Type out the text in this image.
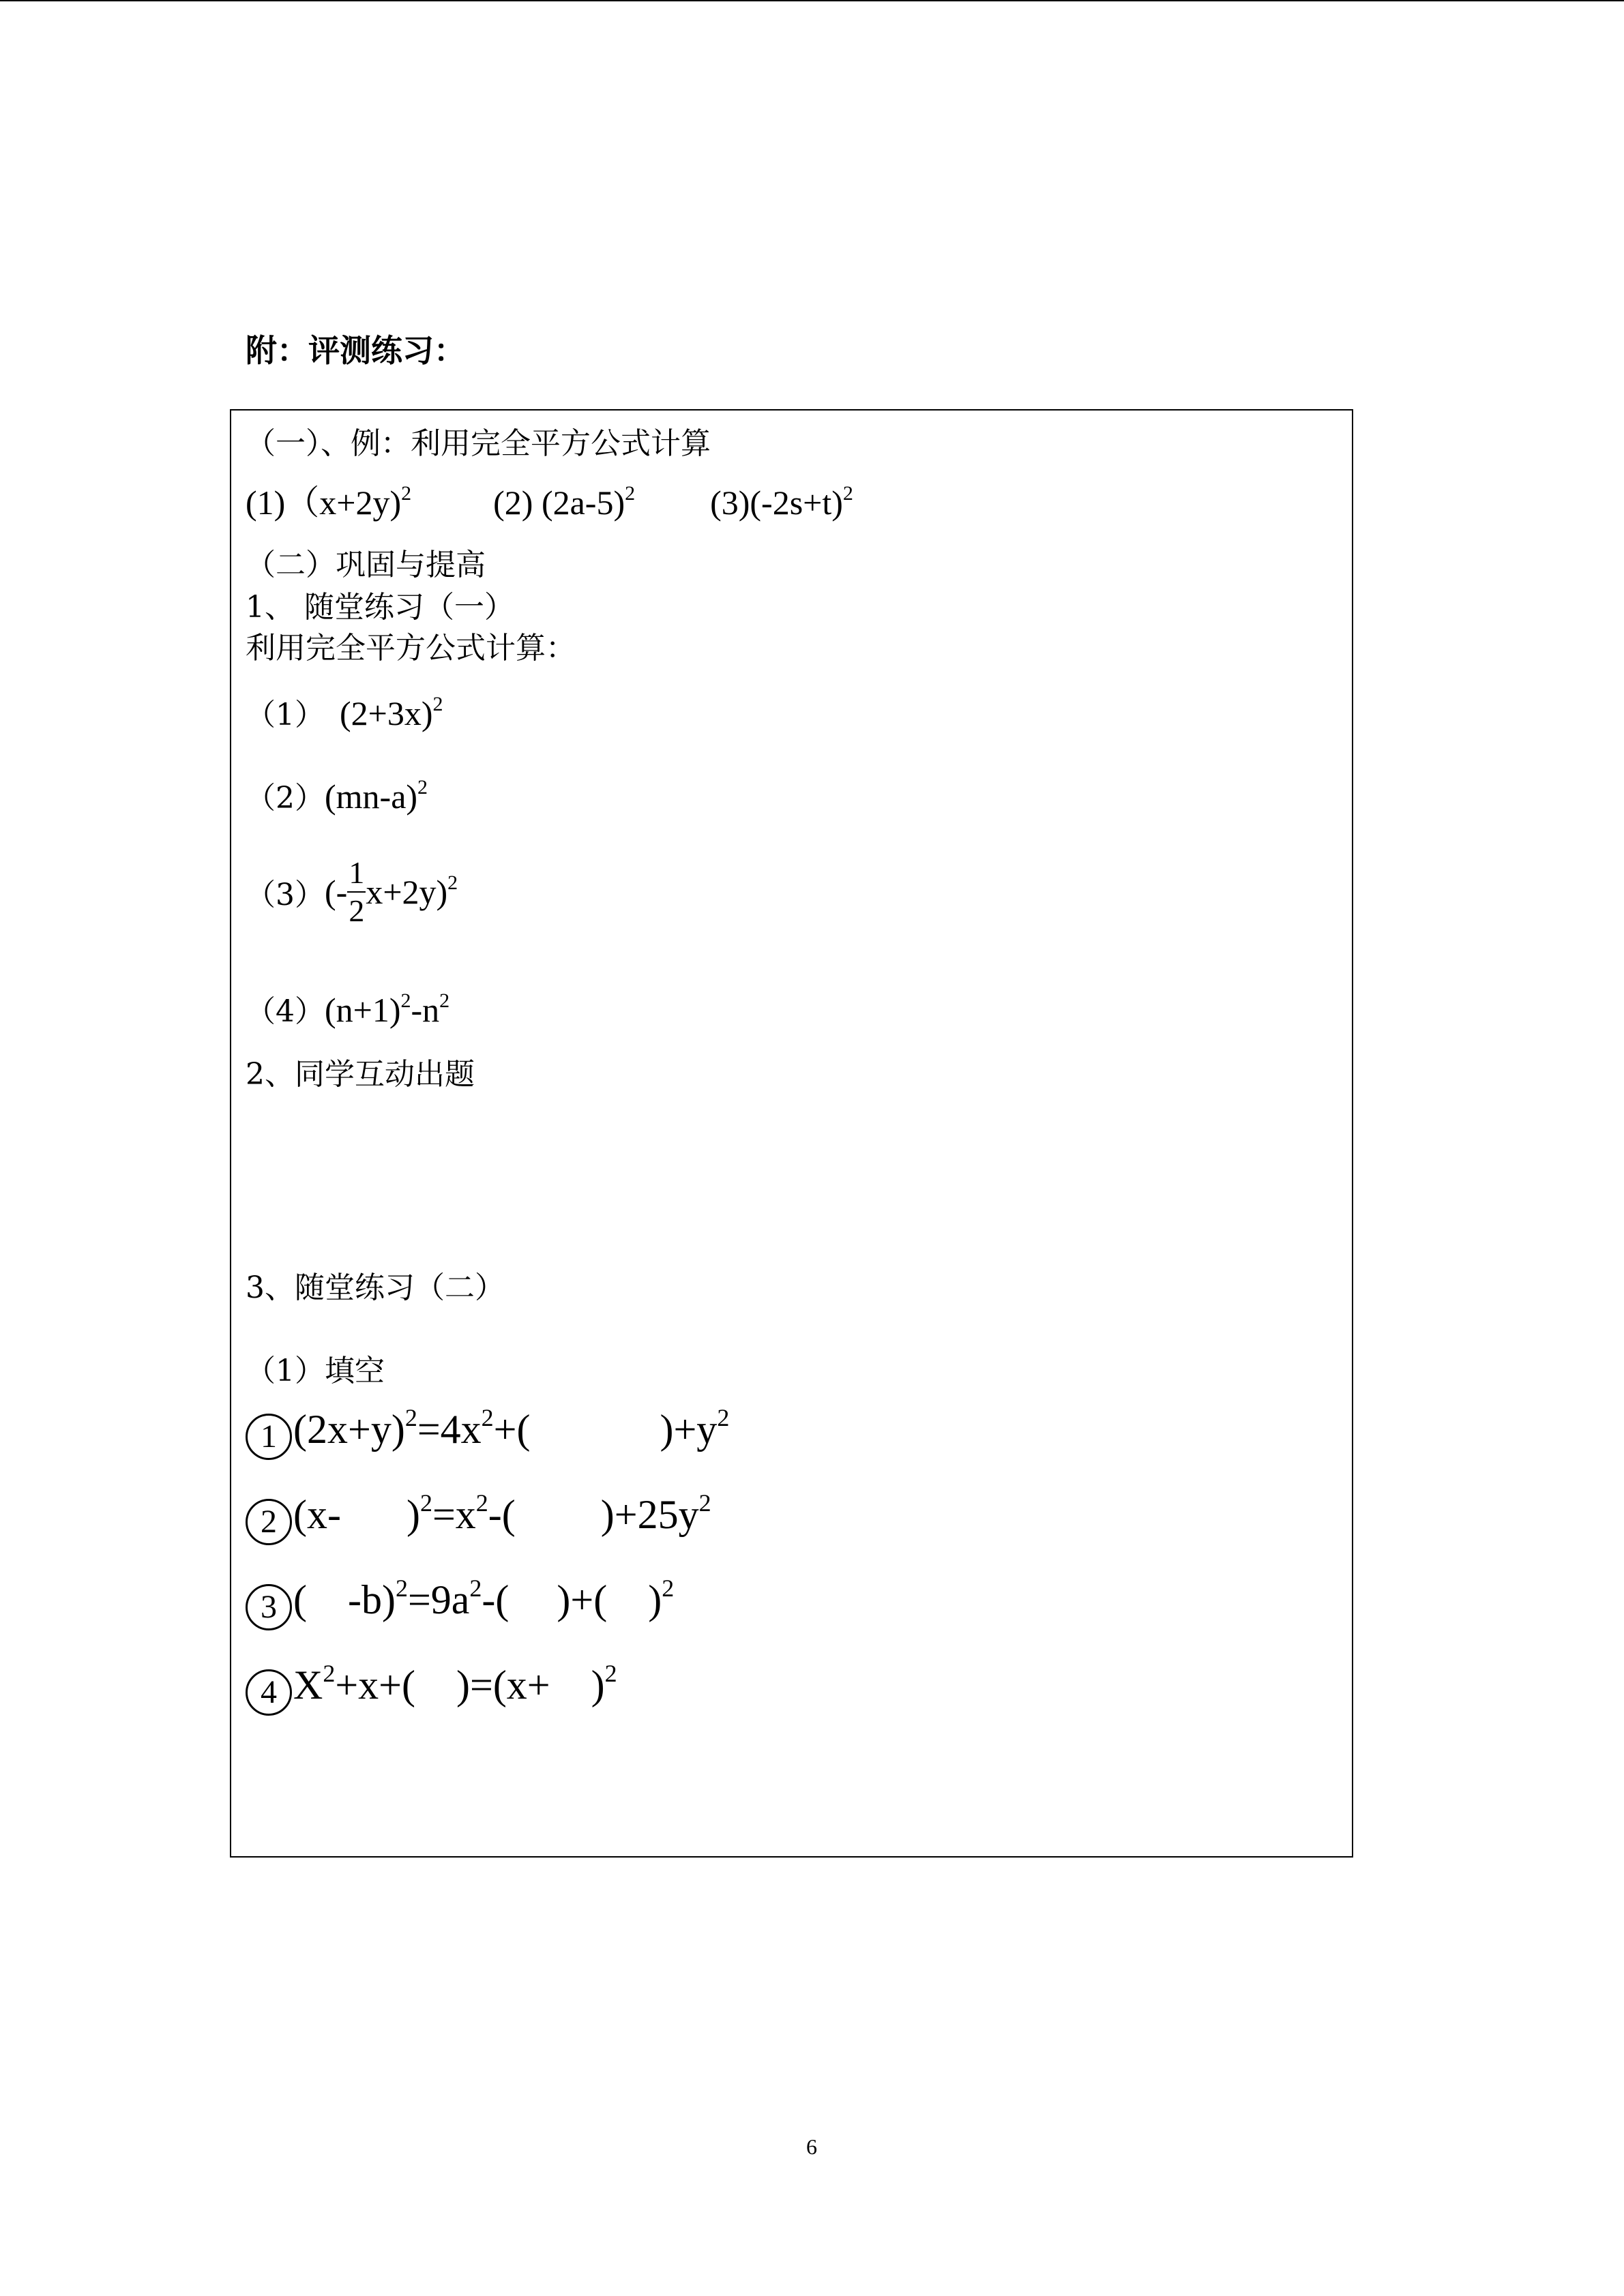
附：评测练习：
（一）、例：利用完全平方公式计算
(1)（x+2y)$^2$ (2) $(2a-5)^2$ $(3)(-2s+t)^2$
（二）巩固与提高
1、 随堂练习（一）
利用完全平方公式计算：
（1） $(2+3x)^2$
$(2)(mn-a)^2$
$(3)(- \frac{1}{2} x+2y)^2$
$(4)(n+1)^2-n^2$
2、同学互动出题
3、随堂练习（二）
（1）填空
1 $(2x+y)^2=4x^2+$(	)$+y^2$
2 (x- )$^2=x^2-$( )$+25y^2$
3 ( $-b)^2=9a^2-$( )+( )$^2$
4 $X^2+x+$( )$=(x+ )^2$
6
